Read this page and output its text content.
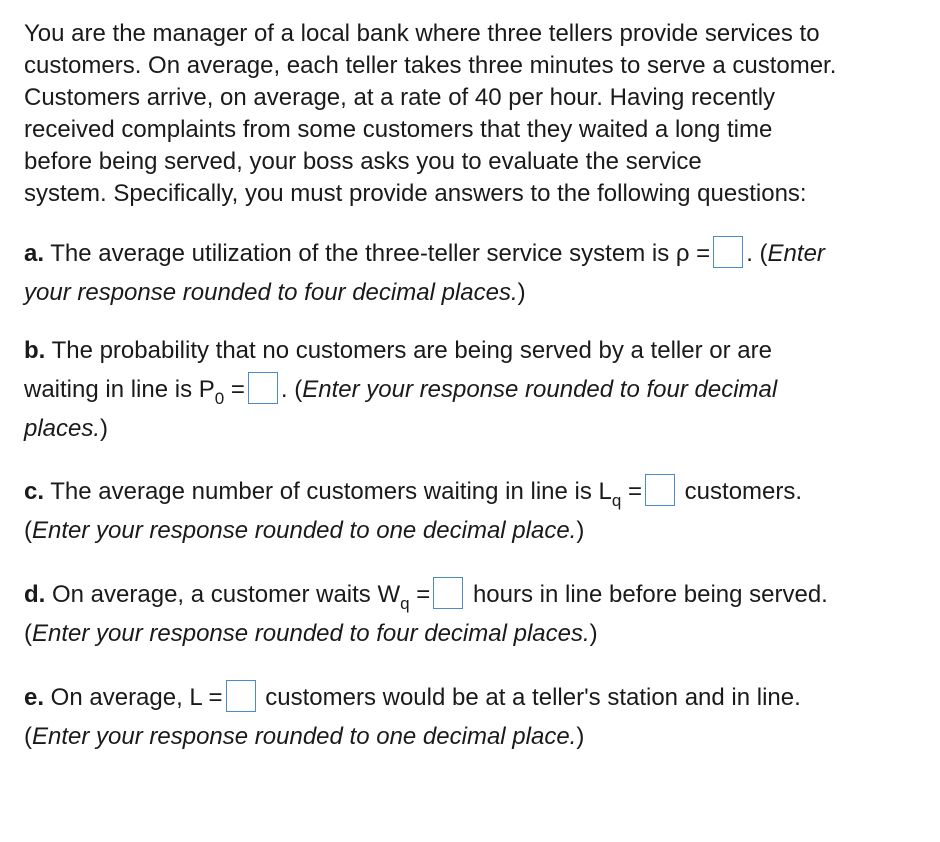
You are the manager of a local bank where three tellers provide services to
customers. On average, each teller takes three minutes to serve a customer.
Customers arrive, on average, at a rate of 40 per hour. Having recently
received complaints from some customers that they waited a long time
before being served, your boss asks you to evaluate the service
system. Specifically, you must provide answers to the following questions:

a. The average utilization of the three-teller service system is ρ = . (Enter
your response rounded to four decimal places.)

b. The probability that no customers are being served by a teller or are
waiting in line is $P_0$ = . (Enter your response rounded to four decimal
places.)

c. The average number of customers waiting in line is $L_q$ = customers.
(Enter your response rounded to one decimal place.)

d. On average, a customer waits $W_q$ = hours in line before being served.
(Enter your response rounded to four decimal places.)

e. On average, L = customers would be at a teller's station and in line.
(Enter your response rounded to one decimal place.)
